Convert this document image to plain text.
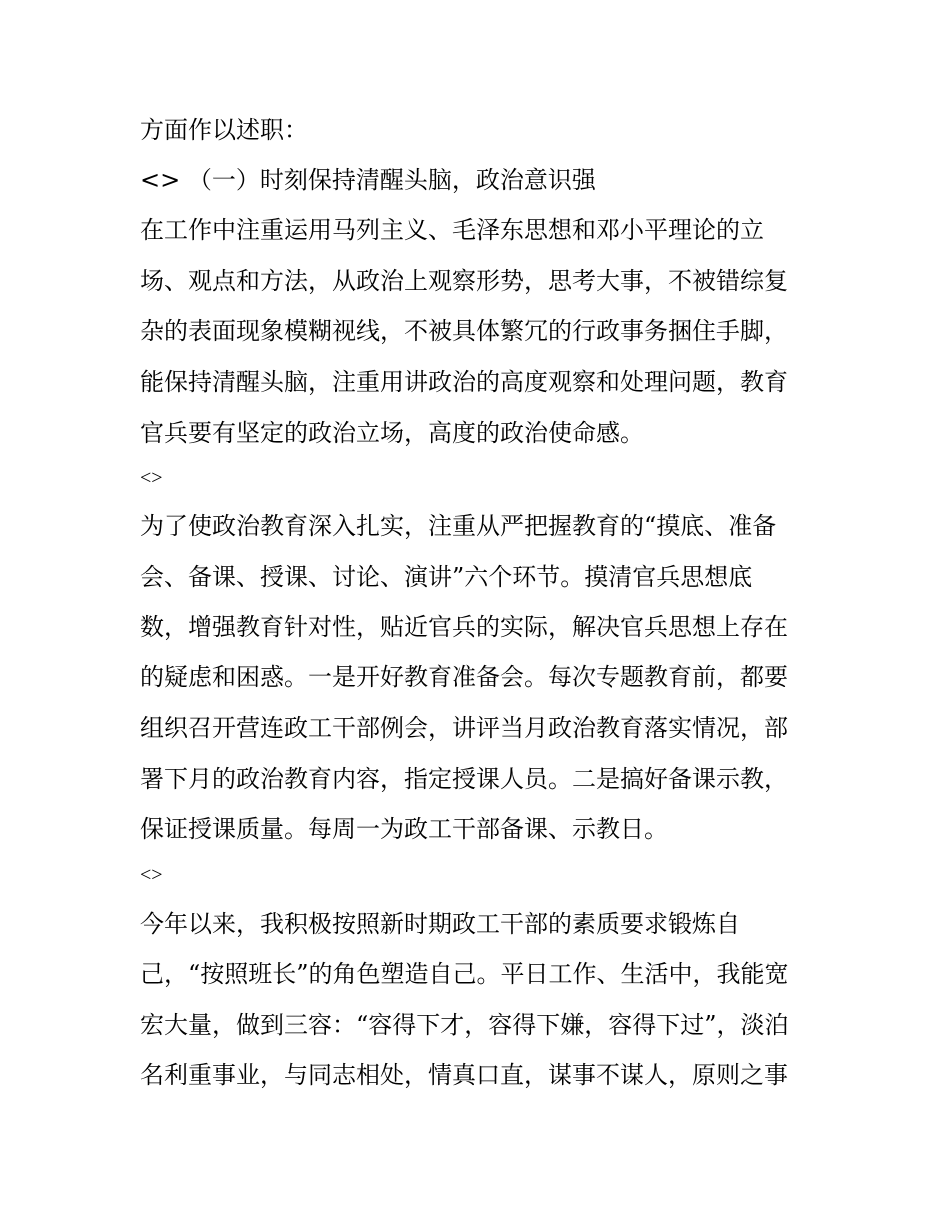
方面作以述职：
<> （一）时刻保持清醒头脑，政治意识强
在工作中注重运用马列主义、毛泽东思想和邓小平理论的立
场、观点和方法，从政治上观察形势，思考大事，不被错综复
杂的表面现象模糊视线，不被具体繁冗的行政事务捆住手脚，
能保持清醒头脑，注重用讲政治的高度观察和处理问题，教育
官兵要有坚定的政治立场，高度的政治使命感。
<>
为了使政治教育深入扎实，注重从严把握教育的“摸底、准备
会、备课、授课、讨论、演讲”六个环节。摸清官兵思想底
数，增强教育针对性，贴近官兵的实际，解决官兵思想上存在
的疑虑和困惑。一是开好教育准备会。每次专题教育前，都要
组织召开营连政工干部例会，讲评当月政治教育落实情况，部
署下月的政治教育内容，指定授课人员。二是搞好备课示教，
保证授课质量。每周一为政工干部备课、示教日。
<>
今年以来，我积极按照新时期政工干部的素质要求锻炼自
己，“按照班长”的角色塑造自己。平日工作、生活中，我能宽
宏大量，做到三容：“容得下才，容得下嫌，容得下过”，淡泊
名利重事业，与同志相处，情真口直，谋事不谋人，原则之事
